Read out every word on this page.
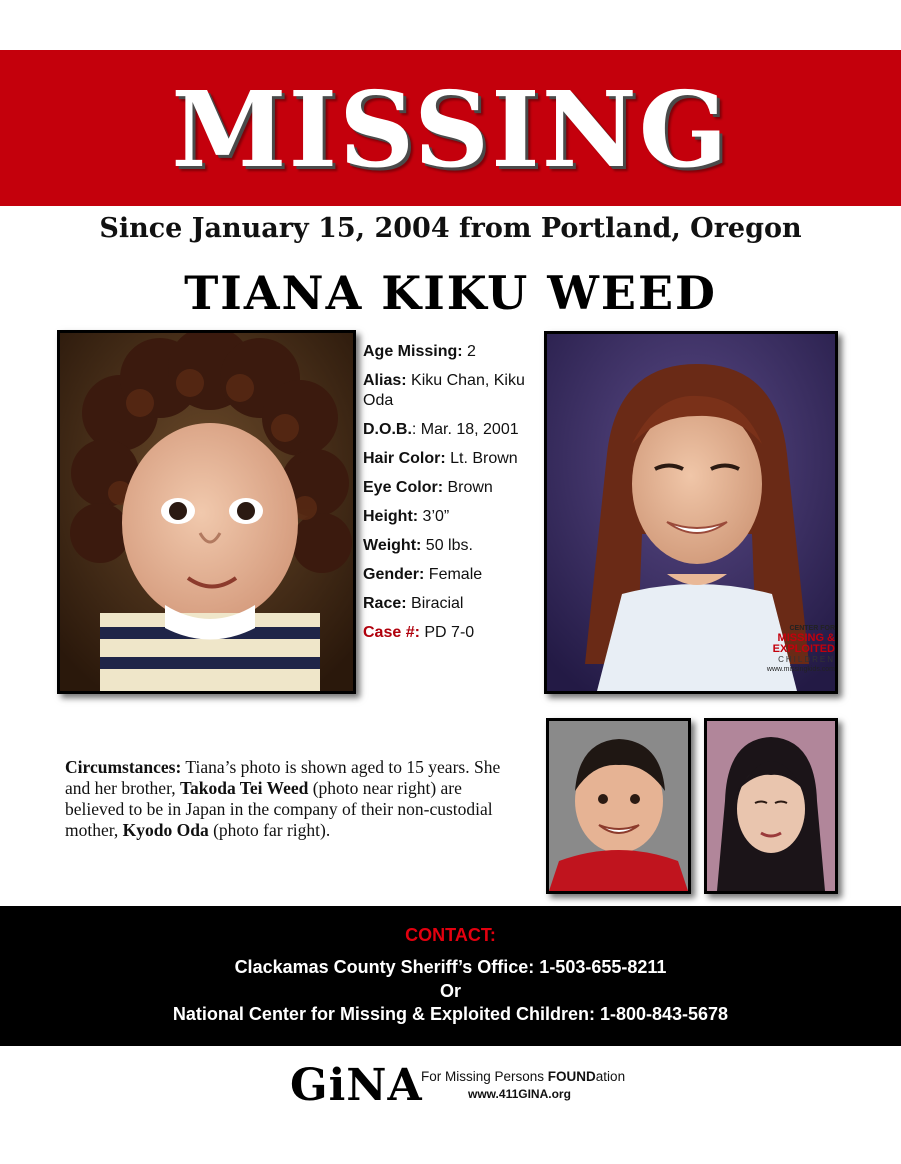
MISSING
Since January 15, 2004 from Portland, Oregon
TIANA KIKU WEED
Age Missing: 2
Alias: Kiku Chan, Kiku Oda
D.O.B.: Mar. 18, 2001
Hair Color: Lt. Brown
Eye Color: Brown
Height: 3’0”
Weight: 50 lbs.
Gender: Female
Race: Biracial
Case #: PD 7-0	CENTER FOR
MISSING &
EXPLOITED
CHILDREN
www.missingkids.com
Circumstances: Tiana’s photo is shown aged to 15 years. She and her brother, Takoda Tei Weed (photo near right) are believed to be in Japan in the company of their non-custodial mother, Kyodo Oda (photo far right).
CONTACT:
Clackamas County Sheriff’s Office: 1-503-655-8211
Or
National Center for Missing & Exploited Children: 1-800-843-5678
GiNA
For Missing Persons FOUNDation
www.411GINA.org
